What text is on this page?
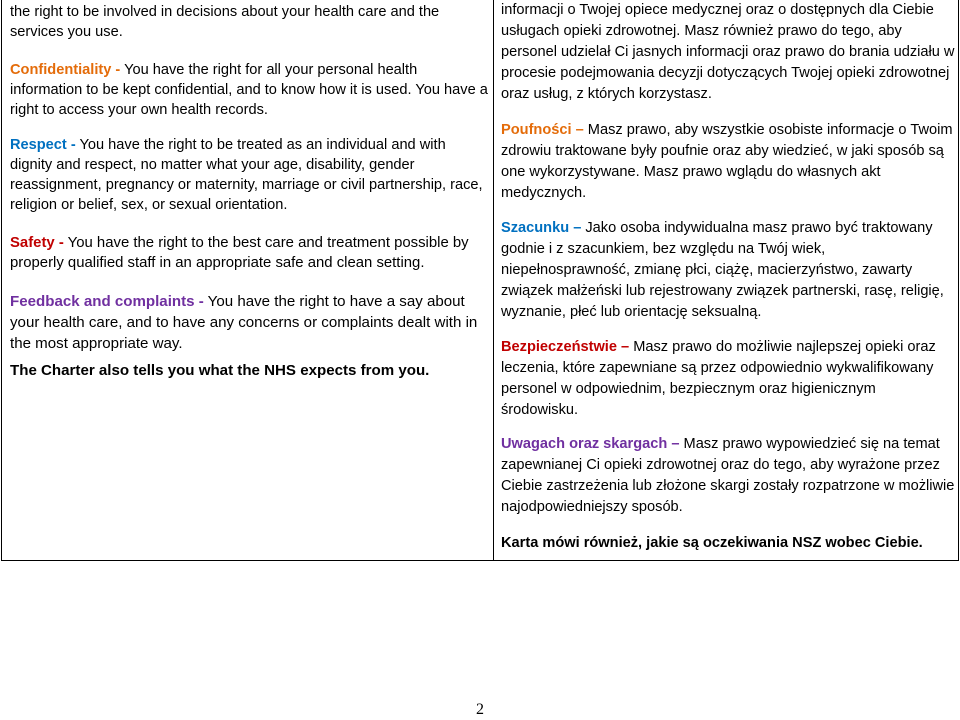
the right to be involved in decisions about your health care and the services you use.

Confidentiality - You have the right for all your personal health information to be kept confidential, and to know how it is used. You have a right to access your own health records.

Respect - You have the right to be treated as an individual and with dignity and respect, no matter what your age, disability, gender reassignment, pregnancy or maternity, marriage or civil partnership, race, religion or belief, sex, or sexual orientation.

Safety - You have the right to the best care and treatment possible by properly qualified staff in an appropriate safe and clean setting.

Feedback and complaints - You have the right to have a say about your health care, and to have any concerns or complaints dealt with in the most appropriate way.

The Charter also tells you what the NHS expects from you.

informacji o Twojej opiece medycznej oraz o dostępnych dla Ciebie usługach opieki zdrowotnej. Masz również prawo do tego, aby personel udzielał Ci jasnych informacji oraz prawo do brania udziału w procesie podejmowania decyzji dotyczących Twojej opieki zdrowotnej oraz usług, z których korzystasz.

Poufności – Masz prawo, aby wszystkie osobiste informacje o Twoim zdrowiu traktowane były poufnie oraz aby wiedzieć, w jaki sposób są one wykorzystywane. Masz prawo wglądu do własnych akt medycznych.

Szacunku – Jako osoba indywidualna masz prawo być traktowany godnie i z szacunkiem, bez względu na Twój wiek, niepełnosprawność, zmianę płci, ciążę, macierzyństwo, zawarty związek małżeński lub rejestrowany związek partnerski, rasę, religię, wyznanie, płeć lub orientację seksualną.

Bezpieczeństwie – Masz prawo do możliwie najlepszej opieki oraz leczenia, które zapewniane są przez odpowiednio wykwalifikowany personel w odpowiednim, bezpiecznym oraz higienicznym środowisku.

Uwagach oraz skargach – Masz prawo wypowiedzieć się na temat zapewnianej Ci opieki zdrowotnej oraz do tego, aby wyrażone przez Ciebie zastrzeżenia lub złożone skargi zostały rozpatrzone w możliwie najodpowiedniejszy sposób.

Karta mówi również, jakie są oczekiwania NSZ wobec Ciebie.

2
